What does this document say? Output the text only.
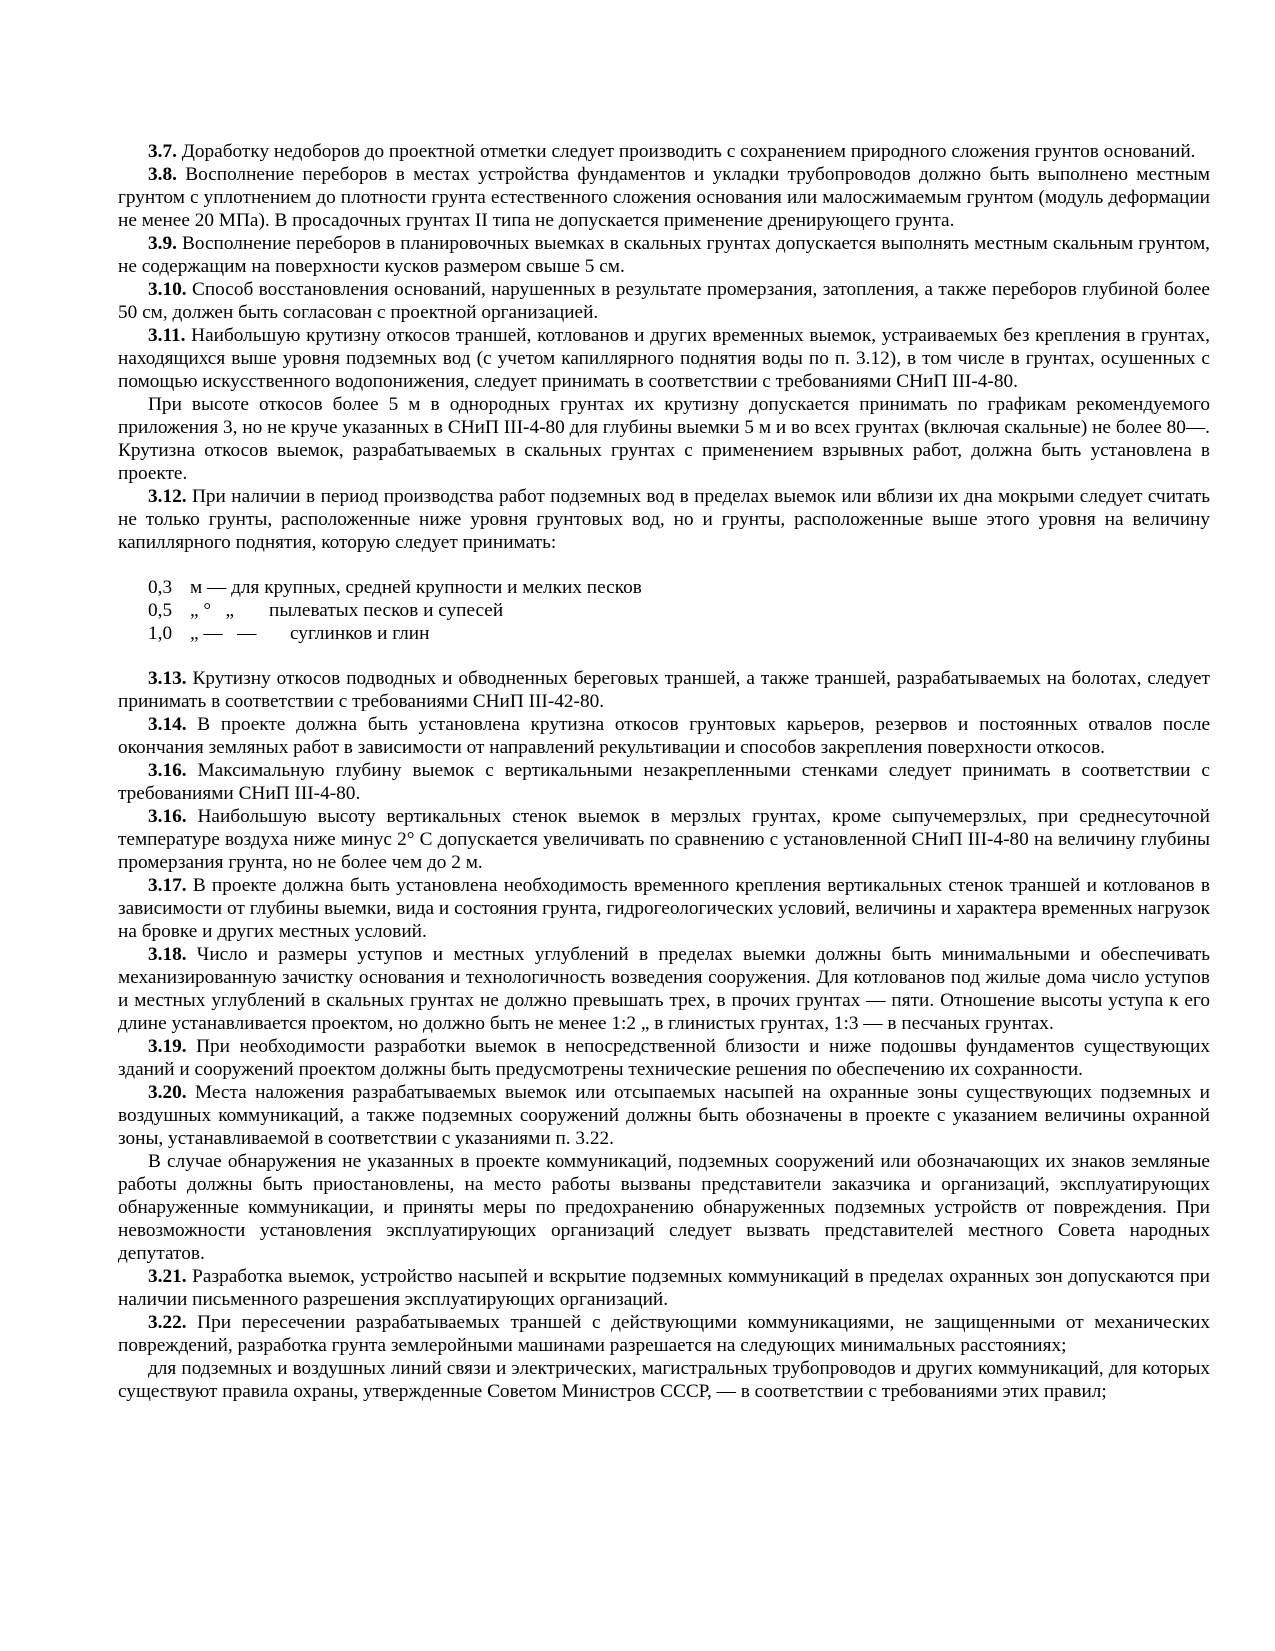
3.7. Доработку недоборов до проектной отметки следует производить с сохранением природного сложения грунтов оснований.

3.8. Восполнение переборов в местах устройства фундаментов и укладки трубопроводов должно быть выполнено местным грунтом с уплотнением до плотности грунта естественного сложения основания или малосжимаемым грунтом (модуль деформации не менее 20 МПа). В просадочных грунтах II типа не допускается применение дренирующего грунта.

3.9. Восполнение переборов в планировочных выемках в скальных грунтах допускается выполнять местным скальным грунтом, не содержащим на поверхности кусков размером свыше 5 см.

3.10. Способ восстановления оснований, нарушенных в результате промерзания, затопления, а также переборов глубиной более 50 см, должен быть согласован с проектной организацией.

3.11. Наибольшую крутизну откосов траншей, котлованов и других временных выемок, устраиваемых без крепления в грунтах, находящихся выше уровня подземных вод (с учетом капиллярного поднятия воды по п. 3.12), в том числе в грунтах, осушенных с помощью искусственного водопонижения, следует принимать в соответствии с требованиями СНиП III-4-80.

При высоте откосов более 5 м в однородных грунтах их крутизну допускается принимать по графикам рекомендуемого приложения 3, но не круче указанных в СНиП III-4-80 для глубины выемки 5 м и во всех грунтах (включая скальные) не более 80—. Крутизна откосов выемок, разрабатываемых в скальных грунтах с применением взрывных работ, должна быть установлена в проекте.

3.12. При наличии в период производства работ подземных вод в пределах выемок или вблизи их дна мокрыми следует считать не только грунты, расположенные ниже уровня грунтовых вод, но и грунты, расположенные выше этого уровня на величину капиллярного поднятия, которую следует принимать:

0,3 м — для крупных, средней крупности и мелких песков
0,5 „ °   „	пылеватых песков и супесей
1,0 „ —   —	суглинков и глин

3.13. Крутизну откосов подводных и обводненных береговых траншей, а также траншей, разрабатываемых на болотах, следует принимать в соответствии с требованиями СНиП III-42-80.

3.14. В проекте должна быть установлена крутизна откосов грунтовых карьеров, резервов и постоянных отвалов после окончания земляных работ в зависимости от направлений рекультивации и способов закрепления поверхности откосов.

3.16. Максимальную глубину выемок с вертикальными незакрепленными стенками следует принимать в соответствии с требованиями СНиП III-4-80.

3.16. Наибольшую высоту вертикальных стенок выемок в мерзлых грунтах, кроме сыпучемерзлых, при среднесуточной температуре воздуха ниже минус 2° С допускается увеличивать по сравнению с установленной СНиП III-4-80 на величину глубины промерзания грунта, но не более чем до 2 м.

3.17. В проекте должна быть установлена необходимость временного крепления вертикальных стенок траншей и котлованов в зависимости от глубины выемки, вида и состояния грунта, гидрогеологических условий, величины и характера временных нагрузок на бровке и других местных условий.

3.18. Число и размеры уступов и местных углублений в пределах выемки должны быть минимальными и обеспечивать механизированную зачистку основания и технологичность возведения сооружения. Для котлованов под жилые дома число уступов и местных углублений в скальных грунтах не должно превышать трех, в прочих грунтах — пяти. Отношение высоты уступа к его длине устанавливается проектом, но должно быть не менее 1:2 „ в глинистых грунтах, 1:3 — в песчаных грунтах.

3.19. При необходимости разработки выемок в непосредственной близости и ниже подошвы фундаментов существующих зданий и сооружений проектом должны быть предусмотрены технические решения по обеспечению их сохранности.

3.20. Места наложения разрабатываемых выемок или отсыпаемых насыпей на охранные зоны существующих подземных и воздушных коммуникаций, а также подземных сооружений должны быть обозначены в проекте с указанием величины охранной зоны, устанавливаемой в соответствии с указаниями п. 3.22.

В случае обнаружения не указанных в проекте коммуникаций, подземных сооружений или обозначающих их знаков земляные работы должны быть приостановлены, на место работы вызваны представители заказчика и организаций, эксплуатирующих обнаруженные коммуникации, и приняты меры по предохранению обнаруженных подземных устройств от повреждения. При невозможности установления эксплуатирующих организаций следует вызвать представителей местного Совета народных депутатов.

3.21. Разработка выемок, устройство насыпей и вскрытие подземных коммуникаций в пределах охранных зон допускаются при наличии письменного разрешения эксплуатирующих организаций.

3.22. При пересечении разрабатываемых траншей с действующими коммуникациями, не защищенными от механических повреждений, разработка грунта землеройными машинами разрешается на следующих минимальных расстояниях;

для подземных и воздушных линий связи и электрических, магистральных трубопроводов и других коммуникаций, для которых существуют правила охраны, утвержденные Советом Министров СССР, — в соответствии с требованиями этих правил;
